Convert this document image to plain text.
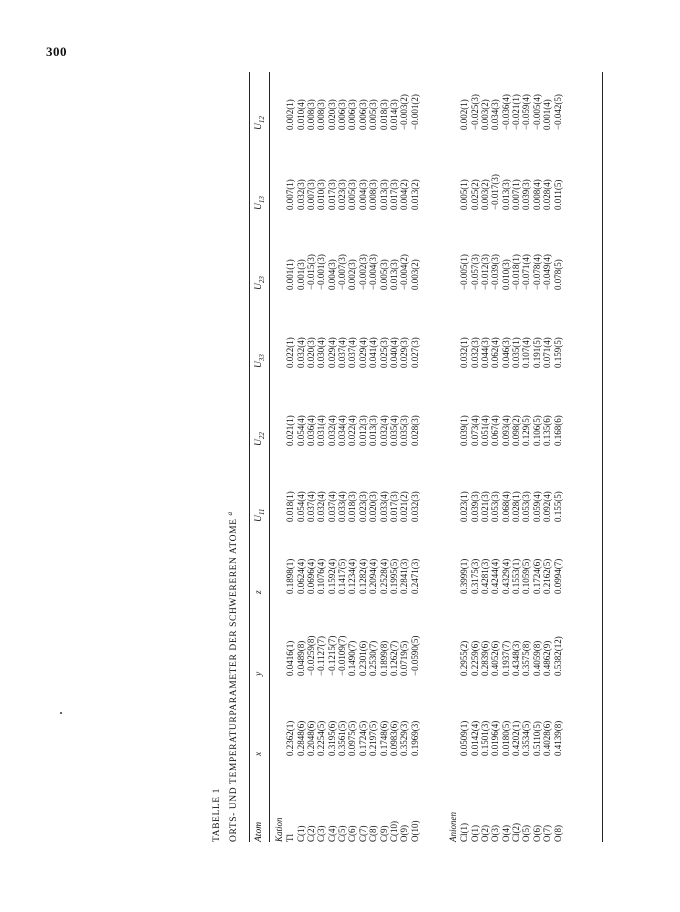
300
TABELLE 1 ORTS- UND TEMPERATURPARAMETER DER SCHWEREREN ATOME $^a$
Atom
x
y
z
$U_{11}$
$U_{22}$
$U_{33}$
$U_{23}$
$U_{13}$
$U_{12}$
Kation Tl
0.2362(1)
0.0416(1)
0.1898(1)
0.018(1)
0.021(1)
0.022(1)
0.001(1)
0.007(1)
0.002(1)
C(1)
0.2848(6)
0.0489(8)
0.0624(4)
0.054(4)
0.054(4)
0.032(4)
0.001(3)
0.032(3)
0.010(4)
C(2)
0.2048(6)
−0.0259(8)
0.0696(4)
0.037(4)
0.036(4)
0.020(3)
−0.015(3)
0.007(3)
0.008(3)
C(3)
0.2254(5)
−0.1127(7)
0.1076(4)
0.032(4)
0.031(4)
0.030(4)
−0.001(3)
0.010(3)
0.008(3)
C(4)
0.3195(6)
−0.1215(7)
0.1592(4)
0.037(4)
0.032(4)
0.029(4)
0.004(3)
0.017(3)
0.020(3)
C(5)
0.3561(5)
−0.0109(7)
0.1417(5)
0.033(4)
0.034(4)
0.037(4)
−0.007(3)
0.023(3)
0.006(3)
C(6)
0.0975(5)
0.1490(7)
0.1234(4)
0.018(3)
0.022(4)
0.037(4)
0.002(3)
0.005(3)
0.006(3)
C(7)
0.1724(5)
0.2301(6)
0.1282(4)
0.023(3)
0.012(3)
0.029(4)
−0.002(3)
0.004(3)
0.006(3)
C(8)
0.2197(5)
0.2530(7)
0.2094(4)
0.020(3)
0.013(3)
0.041(4)
−0.004(3)
0.008(3)
0.005(3)
C(9)
0.1748(6)
0.1899(8)
0.2528(4)
0.033(4)
0.032(4)
0.025(3)
0.005(3)
0.013(3)
0.018(3)
C(10)
0.0983(6)
0.1262(7)
0.1995(5)
0.017(3)
0.035(4)
0.040(4)
0.013(3)
0.017(3)
0.014(3)
O(9)
0.3529(3)
0.0719(5)
0.2841(3)
0.021(2)
0.035(3)
0.029(3)
−0.004(2)
0.004(2)
−0.003(2)
O(10)
0.1969(3)
−0.0590(5)
0.2471(3)
0.032(3)
0.028(3)
0.027(3)
0.003(2)
0.013(2)
−0.001(2)
Anionen Cl(1)
0.0509(1)
0.2955(2)
0.3999(1)
0.023(1)
0.039(1)
0.032(1)
−0.005(1)
0.005(1)
0.002(1)
O(1)
0.0142(4)
0.2259(6)
0.3175(3)
0.039(3)
0.073(4)
0.032(3)
−0.057(3)
0.025(2)
−0.025(3)
O(2)
0.1501(3)
0.2839(6)
0.4281(3)
0.021(3)
0.051(4)
0.044(3)
−0.012(3)
0.003(2)
0.003(2)
O(3)
0.0196(4)
0.4052(6)
0.4244(4)
0.053(3)
0.067(4)
0.062(4)
−0.039(3)
−0.017(3)
0.034(3)
O(4)
0.0180(5)
0.1937(7)
0.4329(4)
0.068(4)
0.093(4)
0.046(3)
0.010(3)
0.013(3)
−0.036(4)
Cl(2)
0.4202(1)
0.4348(3)
0.1553(1)
0.028(1)
0.098(2)
0.035(1)
−0.018(1)
0.007(1)
−0.021(1)
O(5)
0.3534(5)
0.3575(8)
0.1059(5)
0.053(3)
0.129(5)
0.107(4)
−0.071(4)
0.039(3)
−0.059(4)
O(6)
0.5110(5)
0.4059(8)
0.1724(6)
0.059(4)
0.106(5)
0.191(5)
−0.078(4)
0.008(4)
−0.005(4)
O(7)
0.4028(6)
0.4862(9)
0.2162(5)
0.092(4)
0.135(6)
0.071(4)
−0.049(4)
0.028(4)
0.001(4)
O(8)
0.4139(8)
0.5382(12)
0.0994(7)
0.155(5)
0.168(6)
0.159(5)
0.078(5)
0.011(5)
−0.042(5)
